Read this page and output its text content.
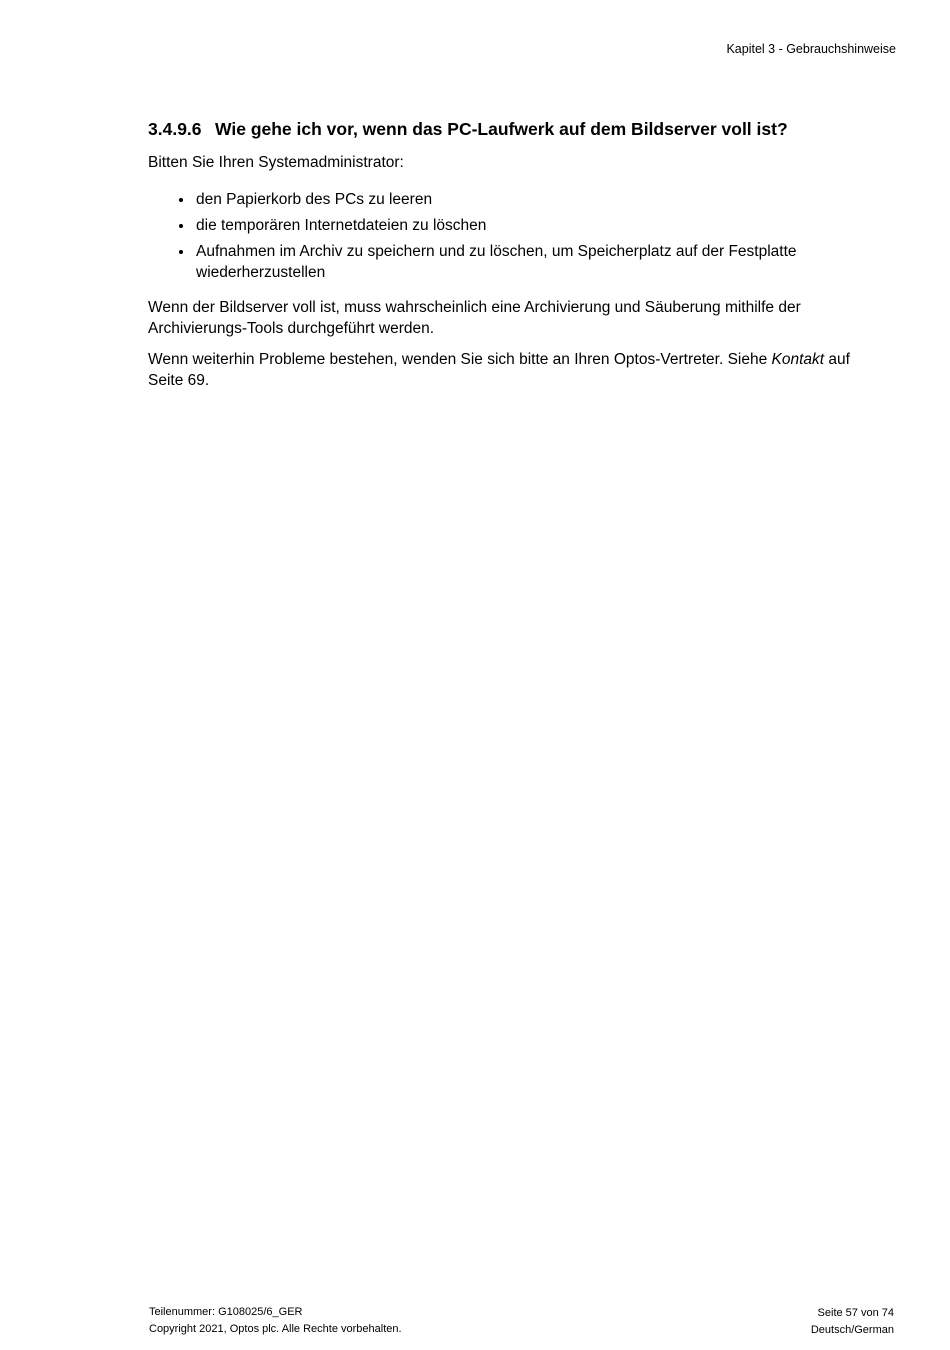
Kapitel 3 - Gebrauchshinweise
3.4.9.6 Wie gehe ich vor, wenn das PC-Laufwerk auf dem Bildserver voll ist?

Bitten Sie Ihren Systemadministrator:

den Papierkorb des PCs zu leeren
die temporären Internetdateien zu löschen
Aufnahmen im Archiv zu speichern und zu löschen, um Speicherplatz auf der Festplatte wiederherzustellen

Wenn der Bildserver voll ist, muss wahrscheinlich eine Archivierung und Säuberung mithilfe der Archivierungs-Tools durchgeführt werden.

Wenn weiterhin Probleme bestehen, wenden Sie sich bitte an Ihren Optos-Vertreter. Siehe Kontakt auf Seite 69.

Teilenummer: G108025/6_GER
Copyright 2021, Optos plc. Alle Rechte vorbehalten.
Seite 57 von 74
Deutsch/German
